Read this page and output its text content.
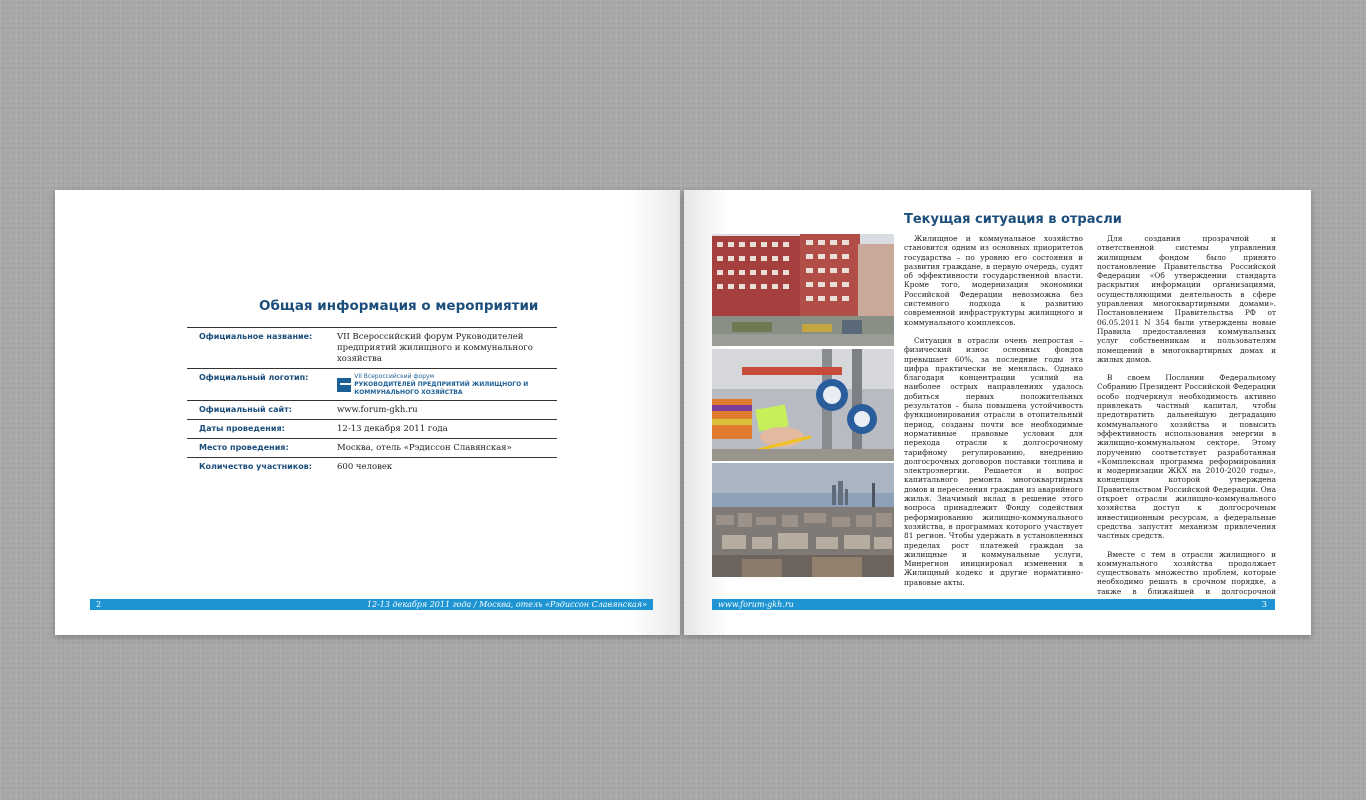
Общая информация о мероприятии
Официальное название:	VII Всероссийский форум Руководителей предприятий жилищного и коммунального хозяйства
Официальный логотип:	VII Всероссийский форум
РУКОВОДИТЕЛЕЙ ПРЕДПРИЯТИЙ ЖИЛИЩНОГО И КОММУНАЛЬНОГО ХОЗЯЙСТВА
Официальный сайт:	www.forum-gkh.ru
Даты проведения:	12-13 декабря 2011 года
Место проведения:	Москва, отель «Рэдиссон Славянская»
Количество участников:	600 человек
2	12-13 декабря 2011 года / Москва, отель «Рэдиссон Славянская»
Текущая ситуация в отрасли

Жилищное и коммунальное хозяйство становится одним из основных приоритетов государства – по уровню его состояния и развития граждане, в первую очередь, судят об эффективности государственной власти. Кроме того, модернизация экономики Российской Федерации невозможна без системного подхода к развитию современной инфраструктуры жилищного и коммунального комплексов.

Ситуация в отрасли очень непростая – физический износ основных фондов превышает 60%, за последние годы эта цифра практически не менялась. Однако благодаря концентрации усилий на наиболее острых направлениях удалось добиться первых положительных результатов – была повышена устойчивость функционирования отрасли в отопительный период, созданы почти все необходимые нормативные правовые условия для перехода отрасли к долгосрочному тарифному регулированию, внедрению долгосрочных договоров поставки топлива и электроэнергии. Решается и вопрос капитального ремонта многоквартирных домов и переселения граждан из аварийного жилья. Значимый вклад в решение этого вопроса принадлежит Фонду содействия реформированию жилищно-коммунального хозяйства, в программах которого участвует 81 регион. Чтобы удержать в установленных пределах рост платежей граждан за жилищные и коммунальные услуги, Минрегион инициировал изменения в Жилищный кодекс и другие нормативно-правовые акты.

Для создания прозрачной и ответственной системы управления жилищным фондом было принято постановление Правительства Российской Федерации «Об утверждении стандарта раскрытия информации организациями, осуществляющими деятельность в сфере управления многоквартирными домами». Постановлением Правительства РФ от 06.05.2011 N 354 были утверждены новые Правила предоставления коммунальных услуг собственникам и пользователям помещений в многоквартирных домах и жилых домов.

В своем Послании Федеральному Собранию Президент Российской Федерации особо подчеркнул необходимость активно привлекать частный капитал, чтобы предотвратить дальнейшую деградацию коммунального хозяйства и повысить эффективность использования энергии в жилищно-коммунальном секторе. Этому поручению соответствует разработанная «Комплексная программа реформирования и модернизации ЖКХ на 2010-2020 годы», концепция которой утверждена Правительством Российской Федерации. Она откроет отрасли жилищно-коммунального хозяйства доступ к долгосрочным инвестиционным ресурсам, а федеральные средства запустят механизм привлечения частных средств.

Вместе с тем в отрасли жилищного и коммунального хозяйства продолжает существовать множество проблем, которые необходимо решать в срочном порядке, а также в ближайшей и долгосрочной

www.forum-gkh.ru	3
